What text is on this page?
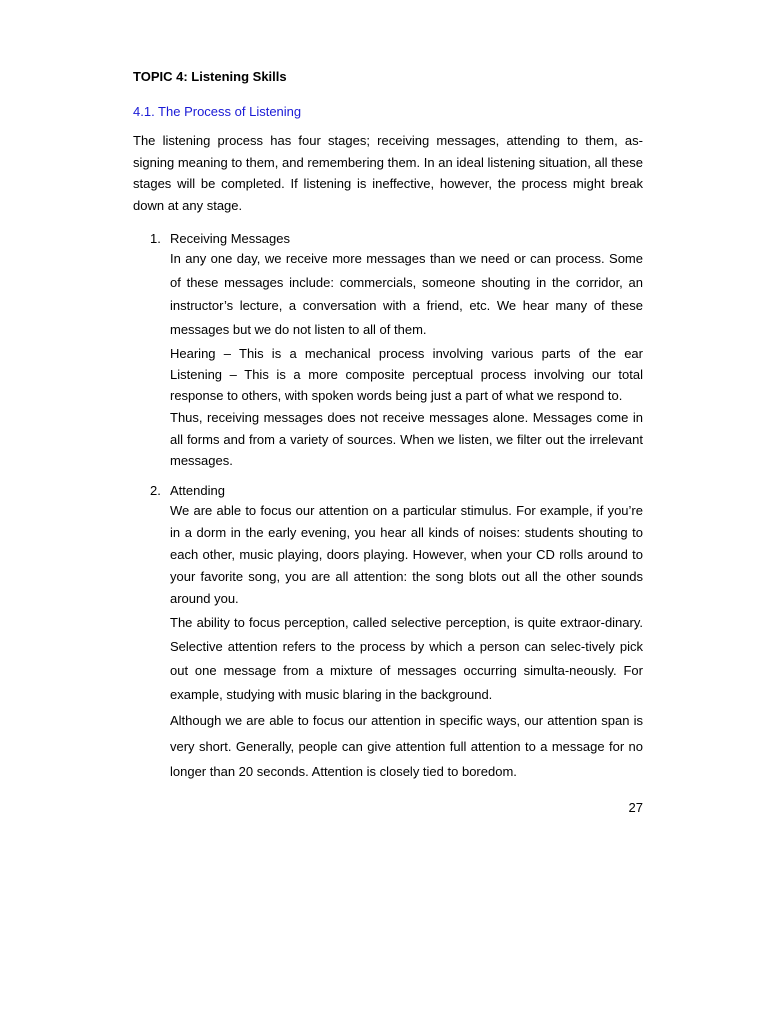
TOPIC 4: Listening Skills
4.1. The Process of Listening

The listening process has four stages; receiving messages, attending to them, as-signing meaning to them, and remembering them. In an ideal listening situation, all these stages will be completed. If listening is ineffective, however, the process might break down at any stage.

1. Receiving Messages

In any one day, we receive more messages than we need or can process. Some of these messages include: commercials, someone shouting in the corridor, an instructor’s lecture, a conversation with a friend, etc. We hear many of these messages but we do not listen to all of them.

Hearing – This is a mechanical process involving various parts of the ear Listening – This is a more composite perceptual process involving our total response to others, with spoken words being just a part of what we respond to.

Thus, receiving messages does not receive messages alone. Messages come in all forms and from a variety of sources. When we listen, we filter out the irrelevant messages.

2. Attending

We are able to focus our attention on a particular stimulus. For example, if you’re in a dorm in the early evening, you hear all kinds of noises: students shouting to each other, music playing, doors playing. However, when your CD rolls around to your favorite song, you are all attention: the song blots out all the other sounds around you.

The ability to focus perception, called selective perception, is quite extraor-dinary. Selective attention refers to the process by which a person can selec-tively pick out one message from a mixture of messages occurring simulta-neously. For example, studying with music blaring in the background.

Although we are able to focus our attention in specific ways, our attention span is very short. Generally, people can give attention full attention to a message for no longer than 20 seconds. Attention is closely tied to boredom.

27
